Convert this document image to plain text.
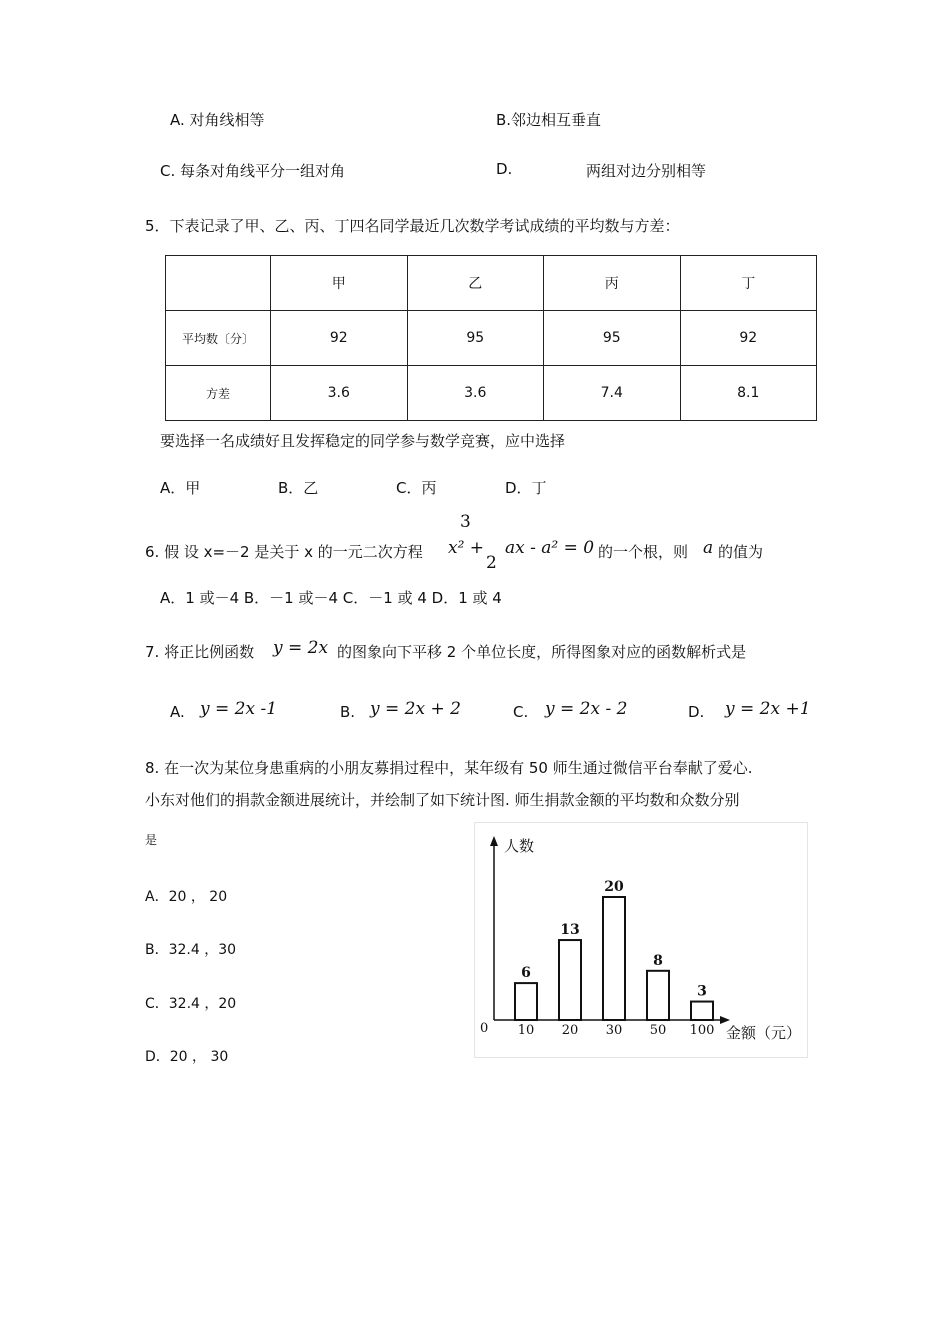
A. 对角线相等	B.邻边相互垂直
C. 每条对角线平分一组对角	D.	两组对边分别相等
5．下表记录了甲、乙、丙、丁四名同学最近几次数学考试成绩的平均数与方差：
	甲	乙	丙	丁
平均数〔分〕	92	95	95	92
方差	3.6	3.6	7.4	8.1
要选择一名成绩好且发挥稳定的同学参与数学竞赛，应中选择
A．甲	B．乙	C．丙	D．丁
3
6. 假 设 x=－2 是关于 x 的一元二次方程 x² + ax - a² = 0 的一个根，则 a 的值为
2
A．1 或－4 B．－1 或－4 C．－1 或 4 D．1 或 4
7. 将正比例函数 y = 2x 的图象向下平移 2 个单位长度，所得图象对应的函数解析式是
A. y = 2x -1	B. y = 2x + 2	C. y = 2x - 2	D. y = 2x +1
8. 在一次为某位身患重病的小朋友募捐过程中，某年级有 50 师生通过微信平台奉献了爱心.
小东对他们的捐款金额进展统计，并绘制了如下统计图. 师生捐款金额的平均数和众数分别
是
A．20 ， 20
B．32.4 ，30
C．32.4 ，20
D．20 ， 30
人数
金额（元）
0
6
10
13
20
20
30
8
50
3
100
